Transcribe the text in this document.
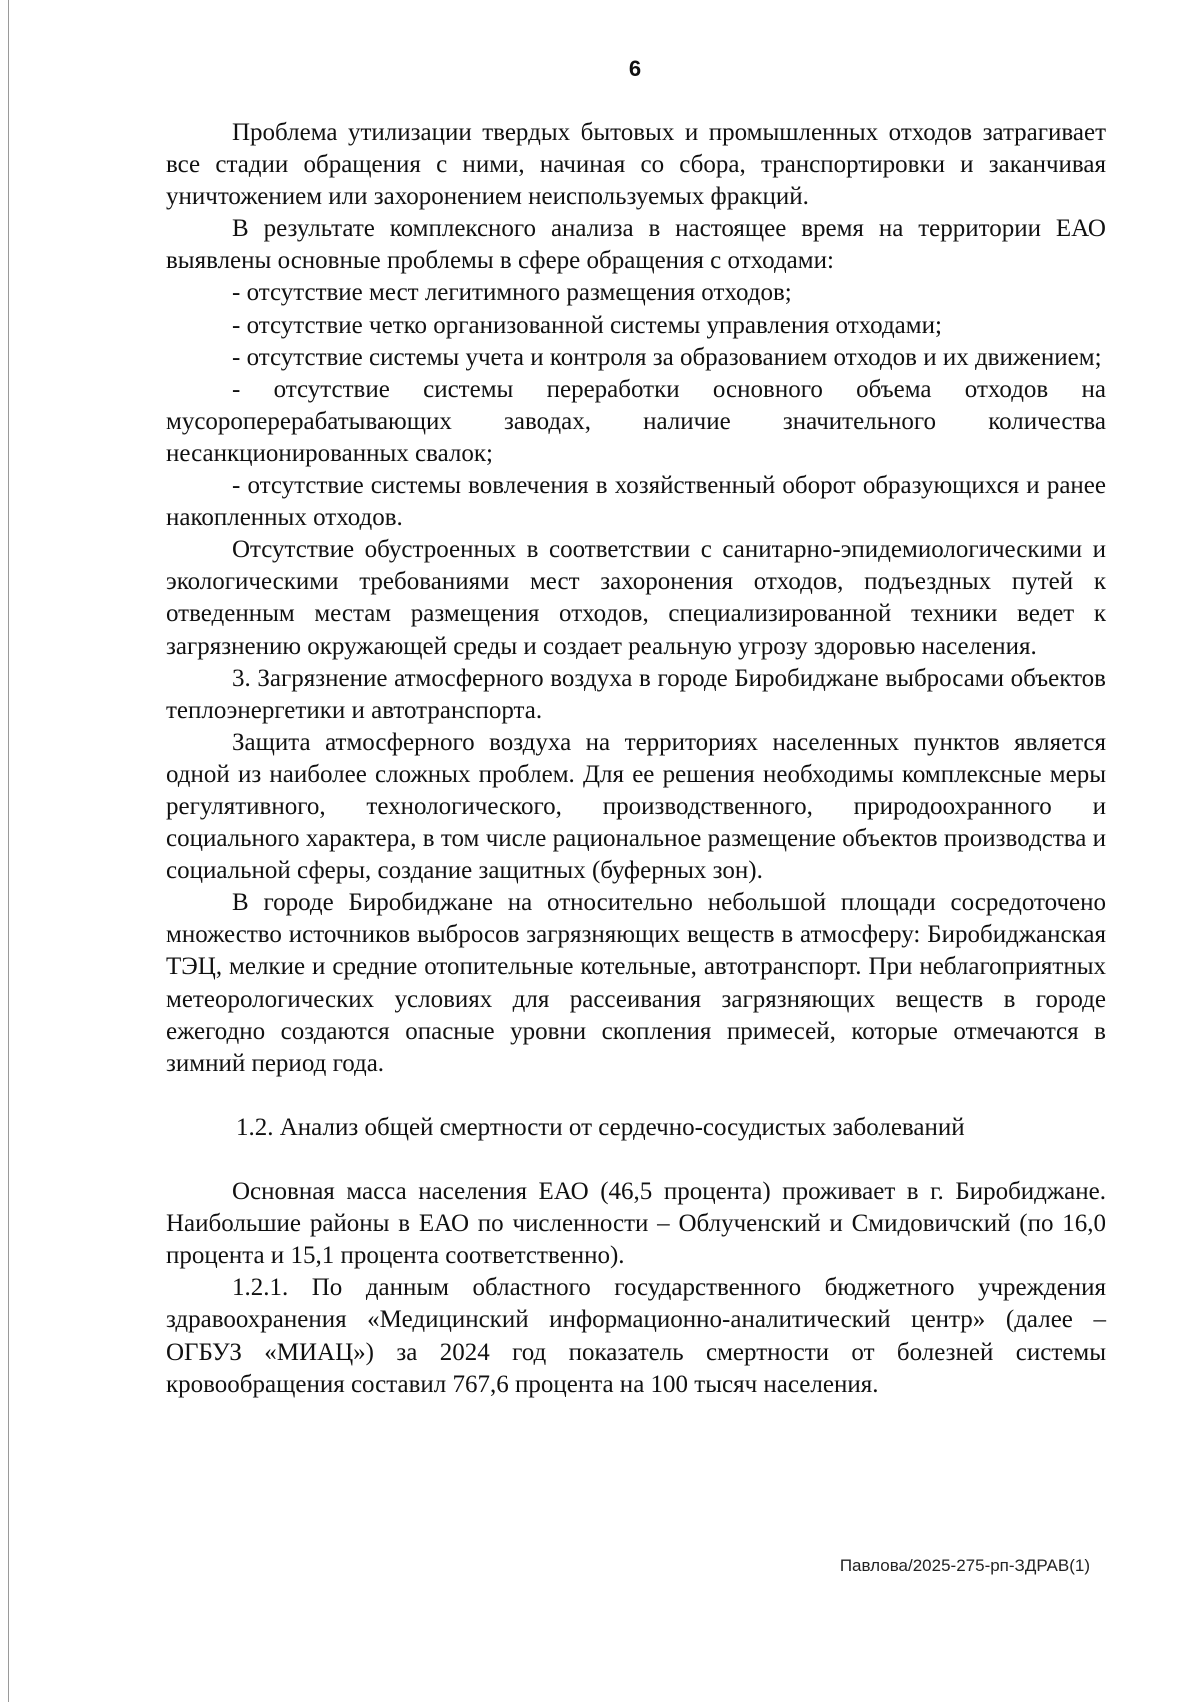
6

Проблема утилизации твердых бытовых и промышленных отходов затрагивает все стадии обращения с ними, начиная со сбора, транспортировки и заканчивая уничтожением или захоронением неиспользуемых фракций.

В результате комплексного анализа в настоящее время на территории ЕАО выявлены основные проблемы в сфере обращения с отходами:

- отсутствие мест легитимного размещения отходов;

- отсутствие четко организованной системы управления отходами;

- отсутствие системы учета и контроля за образованием отходов и их движением;

- отсутствие системы переработки основного объема отходов на мусороперерабатывающих заводах, наличие значительного количества несанкционированных свалок;

- отсутствие системы вовлечения в хозяйственный оборот образующихся и ранее накопленных отходов.

Отсутствие обустроенных в соответствии с санитарно-эпидемиологическими и экологическими требованиями мест захоронения отходов, подъездных путей к отведенным местам размещения отходов, специализированной техники ведет к загрязнению окружающей среды и создает реальную угрозу здоровью населения.

3. Загрязнение атмосферного воздуха в городе Биробиджане выбросами объектов теплоэнергетики и автотранспорта.

Защита атмосферного воздуха на территориях населенных пунктов является одной из наиболее сложных проблем. Для ее решения необходимы комплексные меры регулятивного, технологического, производственного, природоохранного и социального характера, в том числе рациональное размещение объектов производства и социальной сферы, создание защитных (буферных зон).

В городе Биробиджане на относительно небольшой площади сосредоточено множество источников выбросов загрязняющих веществ в атмосферу: Биробиджанская ТЭЦ, мелкие и средние отопительные котельные, автотранспорт. При неблагоприятных метеорологических условиях для рассеивания загрязняющих веществ в городе ежегодно создаются опасные уровни скопления примесей, которые отмечаются в зимний период года.

1.2. Анализ общей смертности от сердечно-сосудистых заболеваний

Основная масса населения ЕАО (46,5 процента) проживает в г. Биробиджане. Наибольшие районы в ЕАО по численности – Облученский и Смидовичский (по 16,0 процента и 15,1 процента соответственно).

1.2.1. По данным областного государственного бюджетного учреждения здравоохранения «Медицинский информационно-аналитический центр» (далее – ОГБУЗ «МИАЦ») за 2024 год показатель смертности от болезней системы кровообращения составил 767,6 процента на 100 тысяч населения.

Павлова/2025-275-рп-ЗДРАВ(1)
